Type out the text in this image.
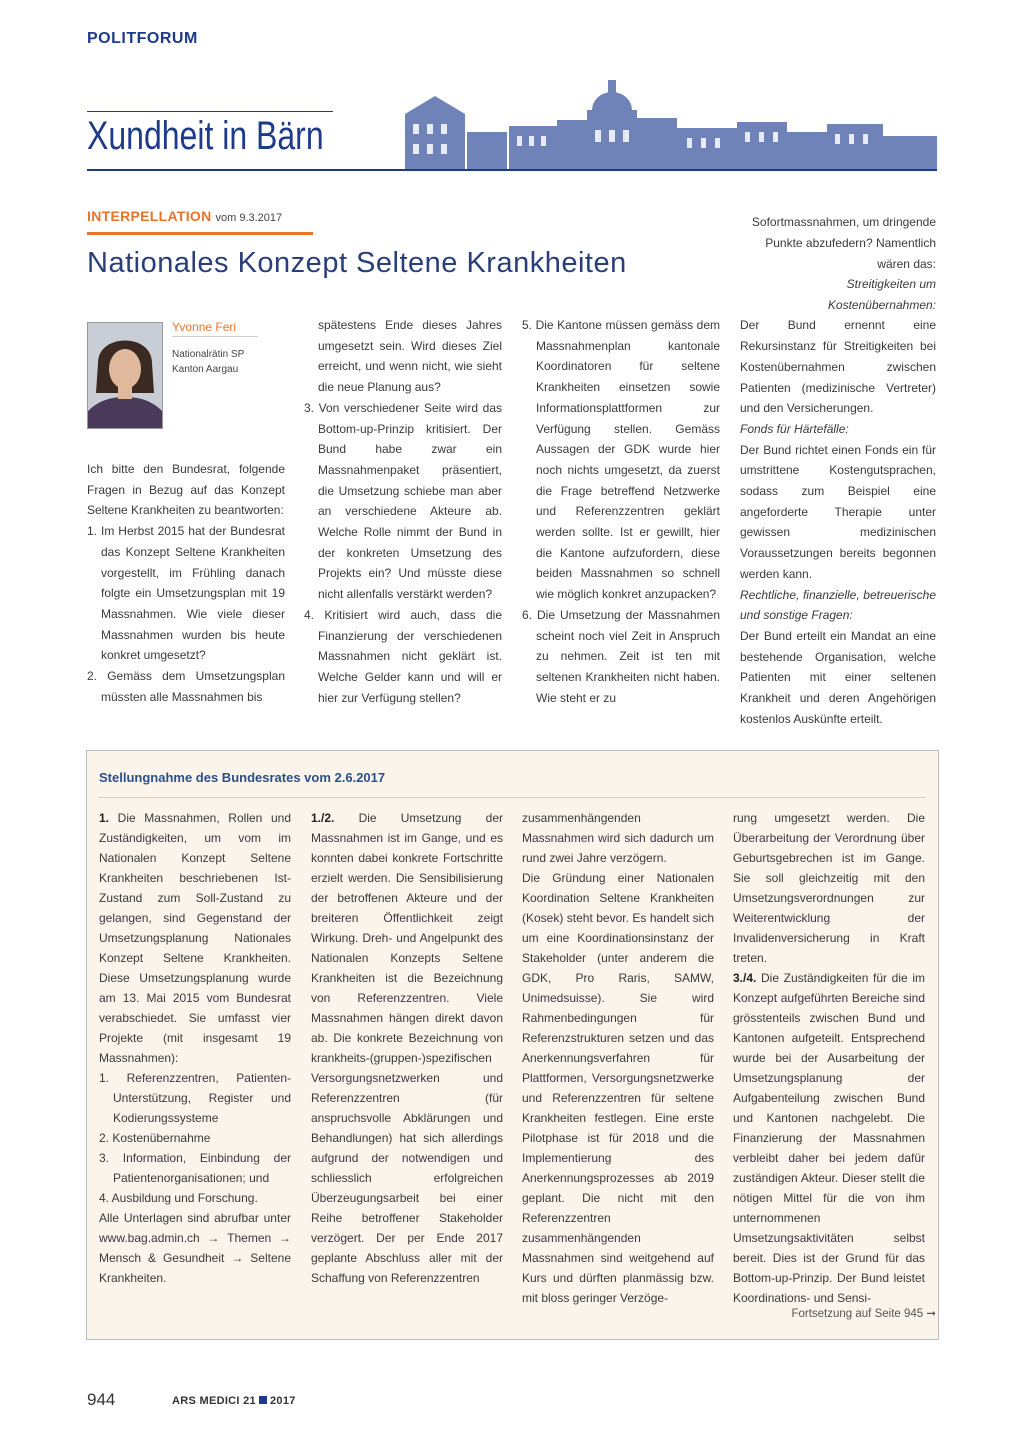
POLITFORUM
Xundheit in Bärn
INTERPELLATION vom 9.3.2017
Nationales Konzept Seltene Krankheiten
Yvonne Feri
Nationalrätin SP
Kanton Aargau

Ich bitte den Bundesrat, folgende Fragen in Bezug auf das Konzept Seltene Krankheiten zu beantworten:

1. Im Herbst 2015 hat der Bundesrat das Konzept Seltene Krankheiten vorgestellt, im Frühling danach folgte ein Umsetzungsplan mit 19 Massnahmen. Wie viele dieser Massnahmen wurden bis heute konkret umgesetzt?
2. Gemäss dem Umsetzungsplan müssten alle Massnahmen bis

spätestens Ende dieses Jahres umgesetzt sein. Wird dieses Ziel erreicht, und wenn nicht, wie sieht die neue Planung aus?

3. Von verschiedener Seite wird das Bottom-up-Prinzip kritisiert. Der Bund habe zwar ein Massnahmenpaket präsentiert, die Umsetzung schiebe man aber an verschiedene Akteure ab. Welche Rolle nimmt der Bund in der konkreten Umsetzung des Projekts ein? Und müsste diese nicht allenfalls verstärkt werden?
4. Kritisiert wird auch, dass die Finanzierung der verschiedenen Massnahmen nicht geklärt ist. Welche Gelder kann und will er hier zur Verfügung stellen?
5. Die Kantone müssen gemäss dem Massnahmenplan kantonale Koordinatoren für seltene Krankheiten einsetzen sowie Informationsplattformen zur Verfügung stellen. Gemäss Aussagen der GDK wurde hier noch nichts umgesetzt, da zuerst die Frage betreffend Netzwerke und Referenzzentren geklärt werden sollte. Ist er gewillt, hier die Kantone aufzufordern, diese beiden Massnahmen so schnell wie möglich konkret anzupacken?
6. Die Umsetzung der Massnahmen scheint noch viel Zeit in Anspruch zu nehmen. Zeit ist ten mit seltenen Krankheiten nicht haben. Wie steht er zu
Sofortmassnahmen, um dringende Punkte abzufedern? Namentlich wären das:

Streitigkeiten um Kostenübernahmen:

Der Bund ernennt eine Rekursinstanz für Streitigkeiten bei Kostenübernahmen zwischen Patienten (medizinische Vertreter) und den Versicherungen.

Fonds für Härtefälle:

Der Bund richtet einen Fonds ein für umstrittene Kostengutsprachen, sodass zum Beispiel eine angeforderte Therapie unter gewissen medizinischen Voraussetzungen bereits begonnen werden kann.

Rechtliche, finanzielle, betreuerische und sonstige Fragen:

Der Bund erteilt ein Mandat an eine bestehende Organisation, welche Patienten mit einer seltenen Krankheit und deren Angehörigen kostenlos Auskünfte erteilt.

Stellungnahme des Bundesrates vom 2.6.2017

1. Die Massnahmen, Rollen und Zuständigkeiten, um vom im Nationalen Konzept Seltene Krankheiten beschriebenen Ist-Zustand zum Soll-Zustand zu gelangen, sind Gegenstand der Umsetzungsplanung Nationales Konzept Seltene Krankheiten. Diese Umsetzungsplanung wurde am 13. Mai 2015 vom Bundesrat verabschiedet. Sie umfasst vier Projekte (mit insgesamt 19 Massnahmen):

1. Referenzzentren, Patienten-Unterstützung, Register und Kodierungssysteme
2. Kostenübernahme
3. Information, Einbindung der Patientenorganisationen; und
4. Ausbildung und Forschung.

Alle Unterlagen sind abrufbar unter www.bag.admin.ch → Themen → Mensch & Gesundheit → Seltene Krankheiten.

1./2. Die Umsetzung der Massnahmen ist im Gange, und es konnten dabei konkrete Fortschritte erzielt werden. Die Sensibilisierung der betroffenen Akteure und der breiteren Öffentlichkeit zeigt Wirkung. Dreh- und Angelpunkt des Nationalen Konzepts Seltene Krankheiten ist die Bezeichnung von Referenzzentren. Viele Massnahmen hängen direkt davon ab. Die konkrete Bezeichnung von krankheits-(gruppen-)spezifischen Versorgungsnetzwerken und Referenzzentren (für anspruchsvolle Abklärungen und Behandlungen) hat sich allerdings aufgrund der notwendigen und schliesslich erfolgreichen Überzeugungsarbeit bei einer Reihe betroffener Stakeholder verzögert. Der per Ende 2017 geplante Abschluss aller mit der Schaffung von Referenzzentren

zusammenhängenden Massnahmen wird sich dadurch um rund zwei Jahre verzögern.

Die Gründung einer Nationalen Koordination Seltene Krankheiten (Kosek) steht bevor. Es handelt sich um eine Koordinationsinstanz der Stakeholder (unter anderem die GDK, Pro Raris, SAMW, Unimedsuisse). Sie wird Rahmenbedingungen für Referenzstrukturen setzen und das Anerkennungsverfahren für Plattformen, Versorgungsnetzwerke und Referenzzentren für seltene Krankheiten festlegen. Eine erste Pilotphase ist für 2018 und die Implementierung des Anerkennungsprozesses ab 2019 geplant. Die nicht mit den Referenzzentren zusammenhängenden Massnahmen sind weitgehend auf Kurs und dürften planmässig bzw. mit bloss geringer Verzöge-

rung umgesetzt werden. Die Überarbeitung der Verordnung über Geburtsgebrechen ist im Gange. Sie soll gleichzeitig mit den Umsetzungsverordnungen zur Weiterentwicklung der Invalidenversicherung in Kraft treten.

3./4. Die Zuständigkeiten für die im Konzept aufgeführten Bereiche sind grösstenteils zwischen Bund und Kantonen aufgeteilt. Entsprechend wurde bei der Ausarbeitung der Umsetzungsplanung der Aufgabenteilung zwischen Bund und Kantonen nachgelebt. Die Finanzierung der Massnahmen verbleibt daher bei jedem dafür zuständigen Akteur. Dieser stellt die nötigen Mittel für die von ihm unternommenen Umsetzungsaktivitäten selbst bereit. Dies ist der Grund für das Bottom-up-Prinzip. Der Bund leistet Koordinations- und Sensi-

Fortsetzung auf Seite 945 ➞
944	ARS MEDICI 21 2017
